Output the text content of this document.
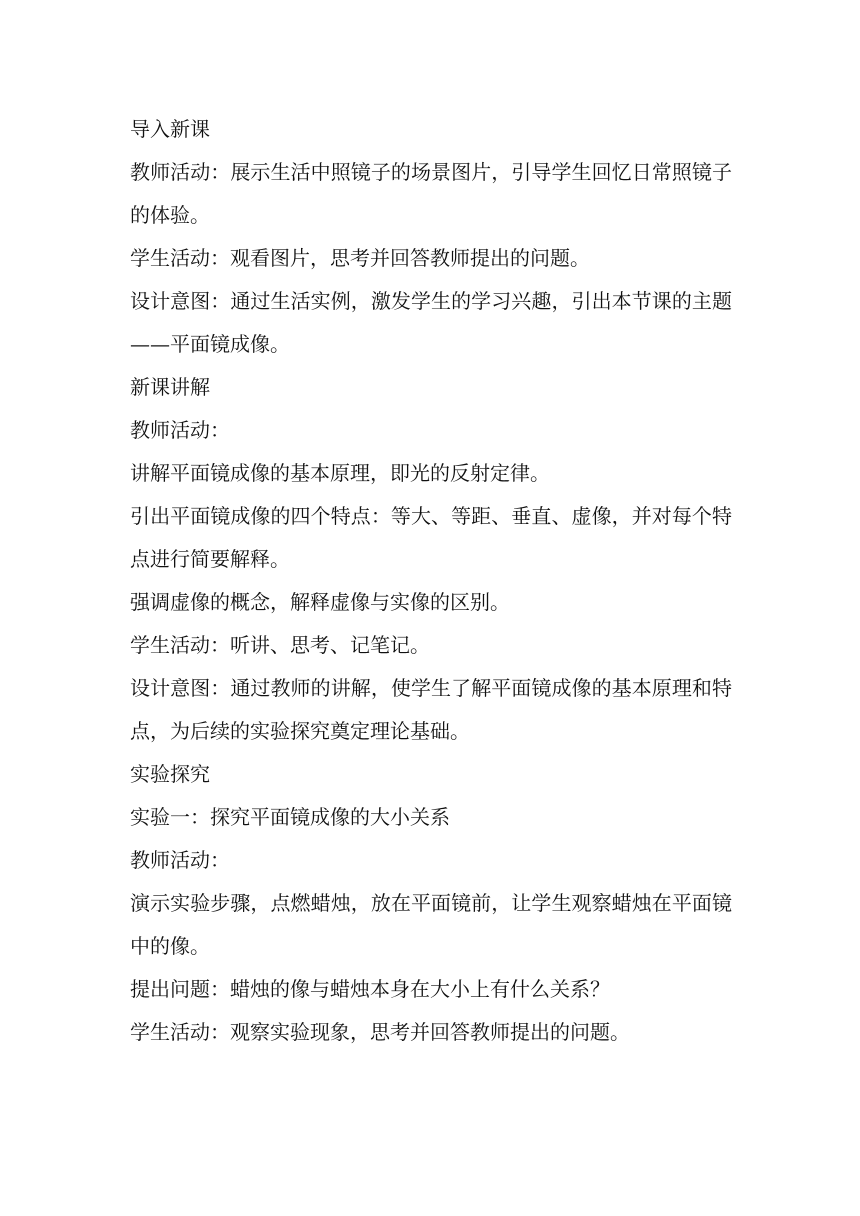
导入新课

教师活动：展示生活中照镜子的场景图片，引导学生回忆日常照镜子的体验。

学生活动：观看图片，思考并回答教师提出的问题。

设计意图：通过生活实例，激发学生的学习兴趣，引出本节课的主题——平面镜成像。

新课讲解

教师活动：

讲解平面镜成像的基本原理，即光的反射定律。

引出平面镜成像的四个特点：等大、等距、垂直、虚像，并对每个特点进行简要解释。

强调虚像的概念，解释虚像与实像的区别。

学生活动：听讲、思考、记笔记。

设计意图：通过教师的讲解，使学生了解平面镜成像的基本原理和特点，为后续的实验探究奠定理论基础。

实验探究

实验一：探究平面镜成像的大小关系

教师活动：

演示实验步骤，点燃蜡烛，放在平面镜前，让学生观察蜡烛在平面镜中的像。

提出问题：蜡烛的像与蜡烛本身在大小上有什么关系？

学生活动：观察实验现象，思考并回答教师提出的问题。
